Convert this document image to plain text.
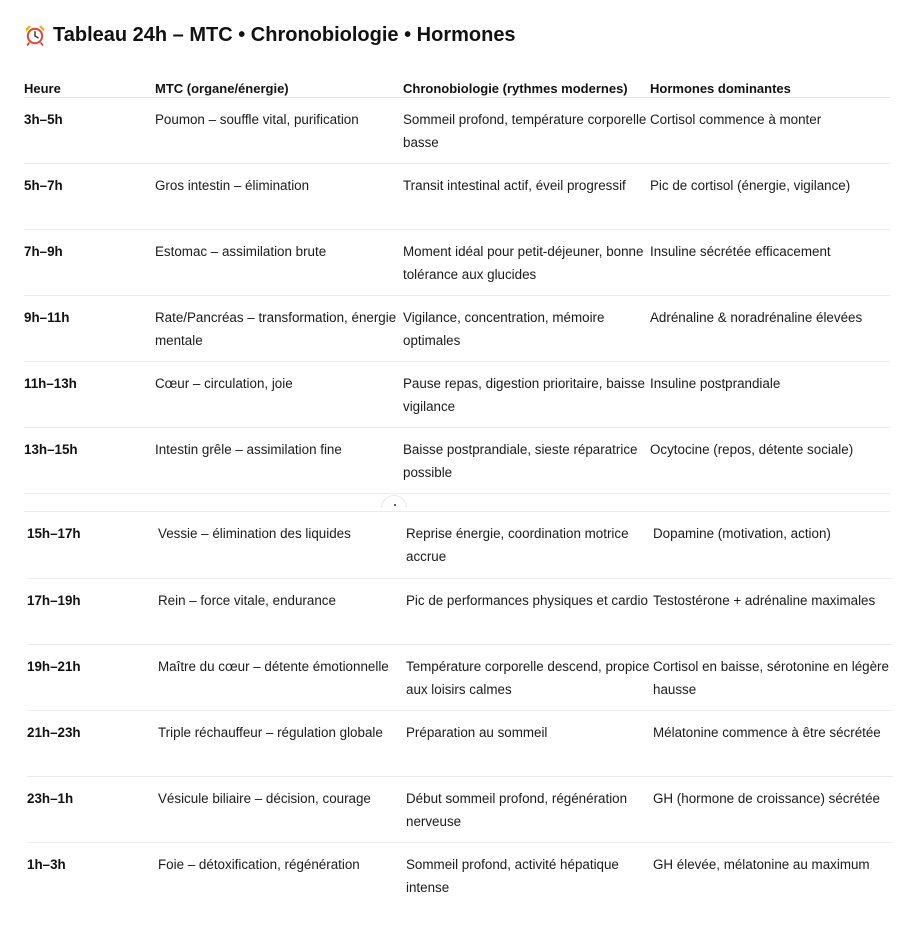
Tableau 24h – MTC • Chronobiologie • Hormones
Heure	MTC (organe/énergie)	Chronobiologie (rythmes modernes)	Hormones dominantes

3h–5h	Poumon – souffle vital, purification	Sommeil profond, température corporelle basse	Cortisol commence à monter
5h–7h	Gros intestin – élimination	Transit intestinal actif, éveil progressif	Pic de cortisol (énergie, vigilance)
7h–9h	Estomac – assimilation brute	Moment idéal pour petit-déjeuner, bonne tolérance aux glucides	Insuline sécrétée efficacement
9h–11h	Rate/Pancréas – transformation, énergie mentale	Vigilance, concentration, mémoire optimales	Adrénaline & noradrénaline élevées
11h–13h	Cœur – circulation, joie	Pause repas, digestion prioritaire, baisse vigilance	Insuline postprandiale
13h–15h	Intestin grêle – assimilation fine	Baisse postprandiale, sieste réparatrice possible	Ocytocine (repos, détente sociale)
15h–17h	Vessie – élimination des liquides	Reprise énergie, coordination motrice accrue	Dopamine (motivation, action)
17h–19h	Rein – force vitale, endurance	Pic de performances physiques et cardio	Testostérone + adrénaline maximales
19h–21h	Maître du cœur – détente émotionnelle	Température corporelle descend, propice aux loisirs calmes	Cortisol en baisse, sérotonine en légère hausse
21h–23h	Triple réchauffeur – régulation globale	Préparation au sommeil	Mélatonine commence à être sécrétée
23h–1h	Vésicule biliaire – décision, courage	Début sommeil profond, régénération nerveuse	GH (hormone de croissance) sécrétée
1h–3h	Foie – détoxification, régénération	Sommeil profond, activité hépatique intense	GH élevée, mélatonine au maximum
